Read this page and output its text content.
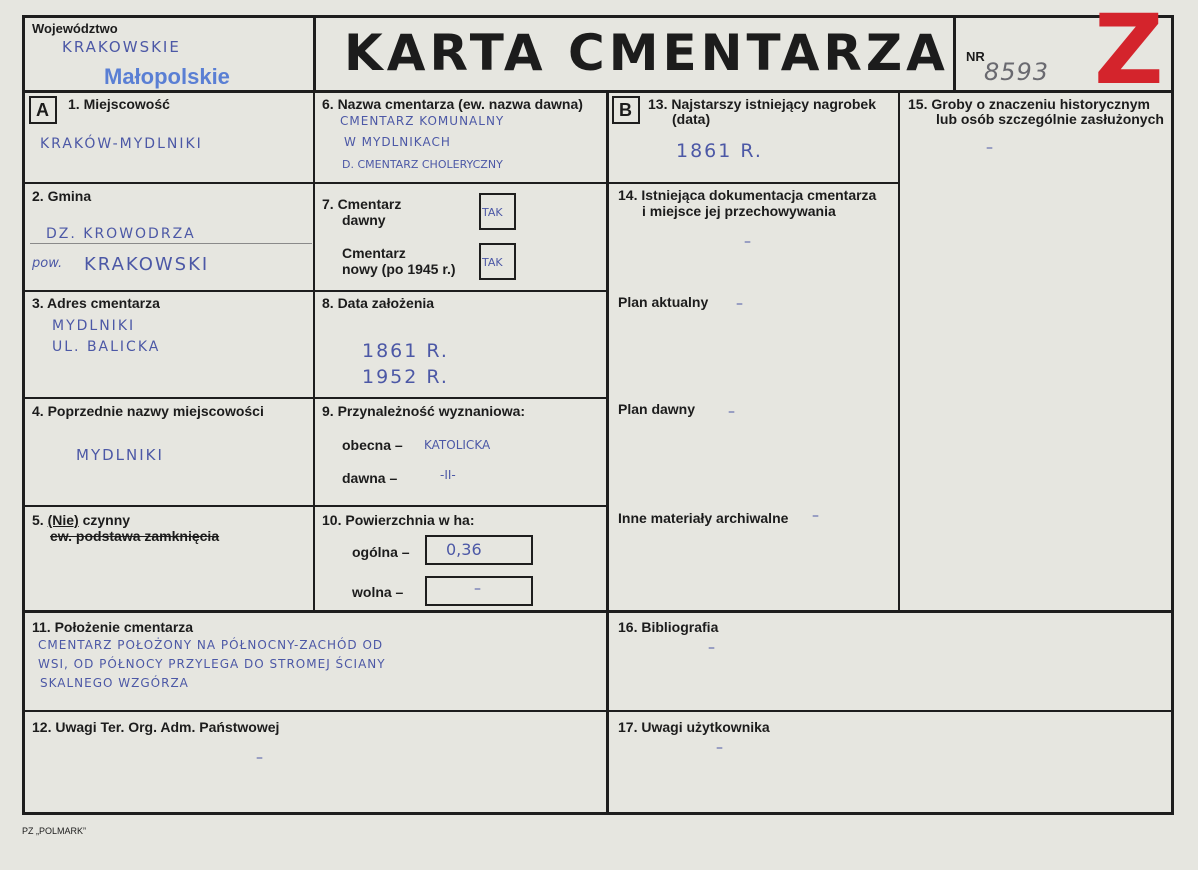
Województwo
KRAKOWSKIE
Małopolskie KARTA CMENTARZA NR
8593 Z
A 1. Miejscowość
KRAKÓW-MYDLNIKI
2. Gmina
DZ. KROWODRZA
pow. KRAKOWSKI
3. Adres cmentarza
MYDLNIKI
UL. BALICKA
4. Poprzednie nazwy miejscowości
MYDLNIKI
5. (Nie) czynny
ew. podstawa zamknięcia
6. Nazwa cmentarza (ew. nazwa dawna)
CMENTARZ KOMUNALNY
W MYDLNIKACH
D. CMENTARZ CHOLERYCZNY
7. Cmentarz
dawny	TAK
Cmentarz
nowy (po 1945 r.) TAK
8. Data założenia
1861 R.
1952 R.
9. Przynależność wyznaniowa:
obecna – KATOLICKA
dawna –	-II-
10. Powierzchnia w ha:
ogólna – 0,36
wolna –	–
11. Położenie cmentarza
CMENTARZ POŁOŻONY NA PÓŁNOCNY-ZACHÓD OD
WSI, OD PÓŁNOCY PRZYLEGA DO STROMEJ ŚCIANY
SKALNEGO WZGÓRZA
12. Uwagi Ter. Org. Adm. Państwowej
–
B 13. Najstarszy istniejący nagrobek
(data)
1861 R.
14. Istniejąca dokumentacja cmentarza
i miejsce jej przechowywania
–
Plan aktualny –
Plan dawny –
Inne materiały archiwalne –
15. Groby o znaczeniu historycznym
lub osób szczególnie zasłużonych
–
16. Bibliografia
–
17. Uwagi użytkownika
–
PZ „POLMARK”
